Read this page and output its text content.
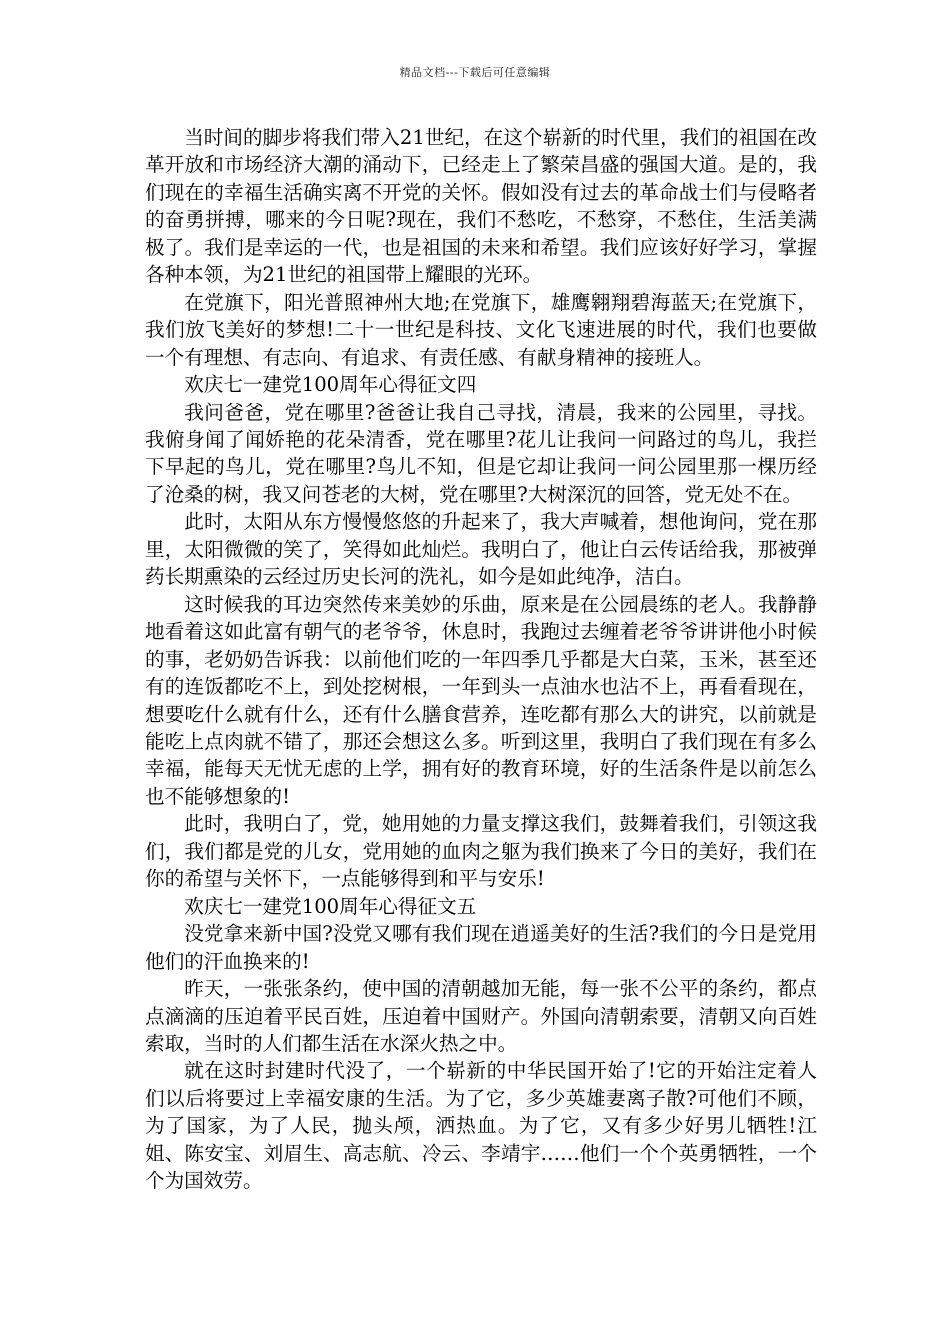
精品文档---下载后可任意编辑

当时间的脚步将我们带入21世纪，在这个崭新的时代里，我们的祖国在改革开放和市场经济大潮的涌动下，已经走上了繁荣昌盛的强国大道。是的，我们现在的幸福生活确实离不开党的关怀。假如没有过去的革命战士们与侵略者的奋勇拼搏，哪来的今日呢?现在，我们不愁吃，不愁穿，不愁住，生活美满极了。我们是幸运的一代，也是祖国的未来和希望。我们应该好好学习，掌握各种本领，为21世纪的祖国带上耀眼的光环。

在党旗下，阳光普照神州大地;在党旗下，雄鹰翱翔碧海蓝天;在党旗下，我们放飞美好的梦想!二十一世纪是科技、文化飞速进展的时代，我们也要做一个有理想、有志向、有追求、有责任感、有献身精神的接班人。

欢庆七一建党100周年心得征文四

我问爸爸，党在哪里?爸爸让我自己寻找，清晨，我来的公园里，寻找。我俯身闻了闻娇艳的花朵清香，党在哪里?花儿让我问一问路过的鸟儿，我拦下早起的鸟儿，党在哪里?鸟儿不知，但是它却让我问一问公园里那一棵历经了沧桑的树，我又问苍老的大树，党在哪里?大树深沉的回答，党无处不在。

此时，太阳从东方慢慢悠悠的升起来了，我大声喊着，想他询问，党在那里，太阳微微的笑了，笑得如此灿烂。我明白了，他让白云传话给我，那被弹药长期熏染的云经过历史长河的洗礼，如今是如此纯净，洁白。

这时候我的耳边突然传来美妙的乐曲，原来是在公园晨练的老人。我静静地看着这如此富有朝气的老爷爷，休息时，我跑过去缠着老爷爷讲讲他小时候的事，老奶奶告诉我：以前他们吃的一年四季几乎都是大白菜，玉米，甚至还有的连饭都吃不上，到处挖树根，一年到头一点油水也沾不上，再看看现在，想要吃什么就有什么，还有什么膳食营养，连吃都有那么大的讲究，以前就是能吃上点肉就不错了，那还会想这么多。听到这里，我明白了我们现在有多么幸福，能每天无忧无虑的上学，拥有好的教育环境，好的生活条件是以前怎么也不能够想象的!

此时，我明白了，党，她用她的力量支撑这我们，鼓舞着我们，引领这我们，我们都是党的儿女，党用她的血肉之躯为我们换来了今日的美好，我们在你的希望与关怀下，一点能够得到和平与安乐!

欢庆七一建党100周年心得征文五

没党拿来新中国?没党又哪有我们现在逍遥美好的生活?我们的今日是党用他们的汗血换来的!

昨天，一张张条约，使中国的清朝越加无能，每一张不公平的条约，都点点滴滴的压迫着平民百姓，压迫着中国财产。外国向清朝索要，清朝又向百姓索取，当时的人们都生活在水深火热之中。

就在这时封建时代没了，一个崭新的中华民国开始了!它的开始注定着人们以后将要过上幸福安康的生活。为了它，多少英雄妻离子散?可他们不顾，为了国家，为了人民，抛头颅，洒热血。为了它，又有多少好男儿牺牲!江姐、陈安宝、刘眉生、高志航、冷云、李靖宇……他们一个个英勇牺牲，一个个为国效劳。
